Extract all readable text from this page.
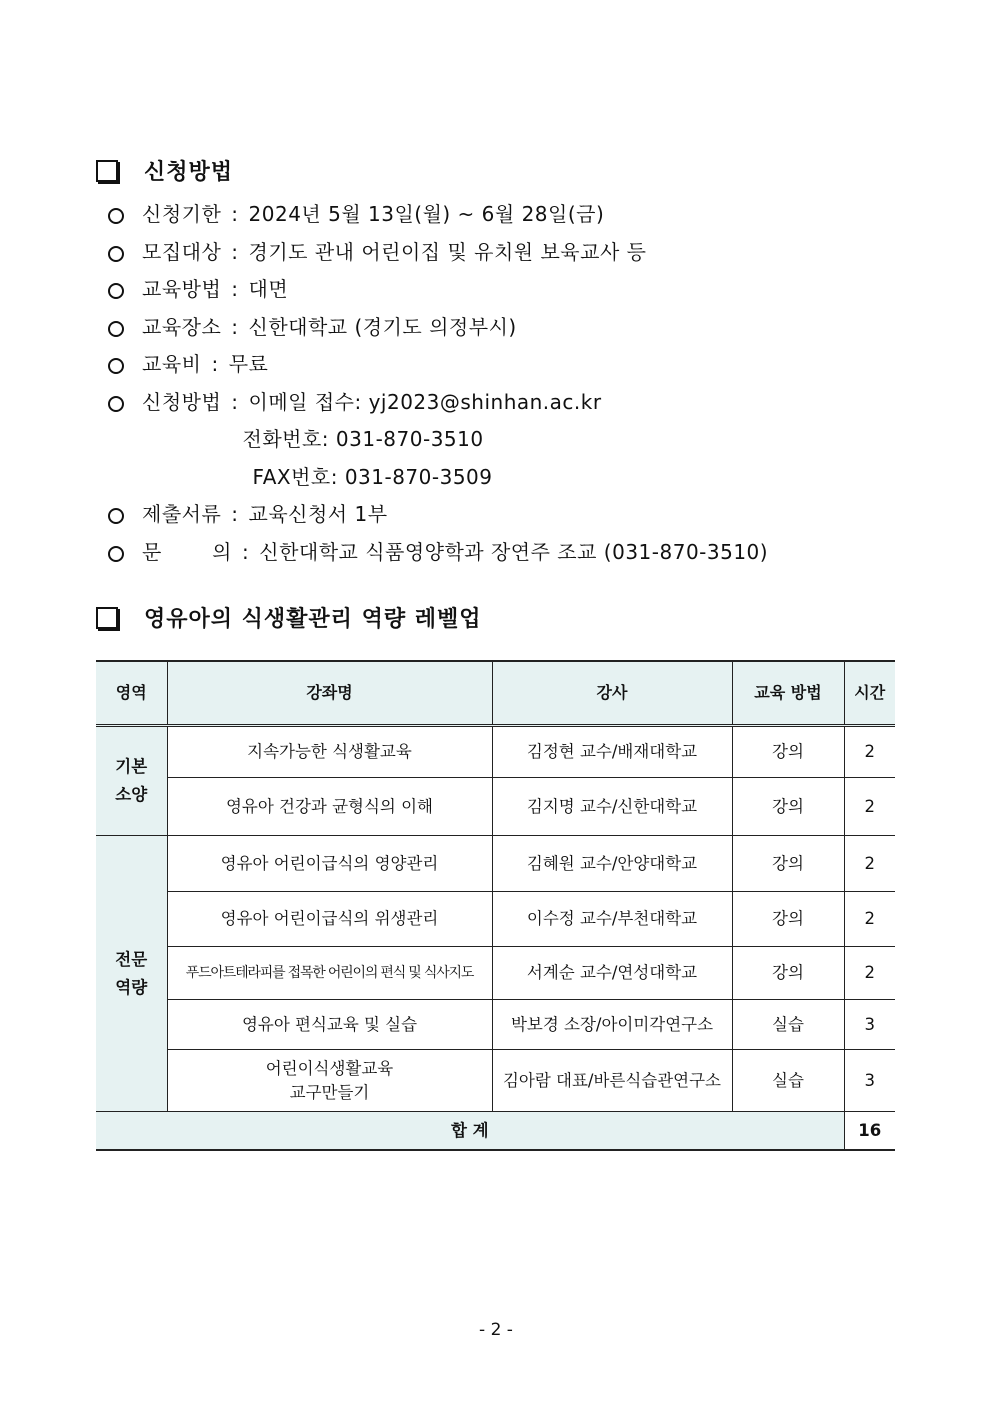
신청방법
신청기한 : 2024년 5월 13일(월) ~ 6월 28일(금)
모집대상 : 경기도 관내 어린이집 및 유치원 보육교사 등
교육방법 : 대면
교육장소 : 신한대학교 (경기도 의정부시)
교육비 : 무료
신청방법 : 이메일 접수: yj2023@shinhan.ac.kr
전화번호: 031-870-3510
FAX번호: 031-870-3509
제출서류 : 교육신청서 1부
문	의 : 신한대학교 식품영양학과 장연주 조교 (031-870-3510)
영유아의 식생활관리 역량 레벨업
영역	강좌명	강사	교육 방법	시간

기본
소양	지속가능한 식생활교육	김정현 교수/배재대학교	강의	2
	영유아 건강과 균형식의 이해	김지명 교수/신한대학교	강의	2

전문
역량	영유아 어린이급식의 영양관리	김혜원 교수/안양대학교	강의	2
	영유아 어린이급식의 위생관리	이수정 교수/부천대학교	강의	2
	푸드아트테라피를 접목한 어린이의 편식 및 식사지도	서계순 교수/연성대학교	강의	2
	영유아 편식교육 및 실습	박보경 소장/아이미각연구소	실습	3

	어린이식생활교육
교구만들기	김아람 대표/바른식습관연구소	실습	3
합 계				16
- 2 -
